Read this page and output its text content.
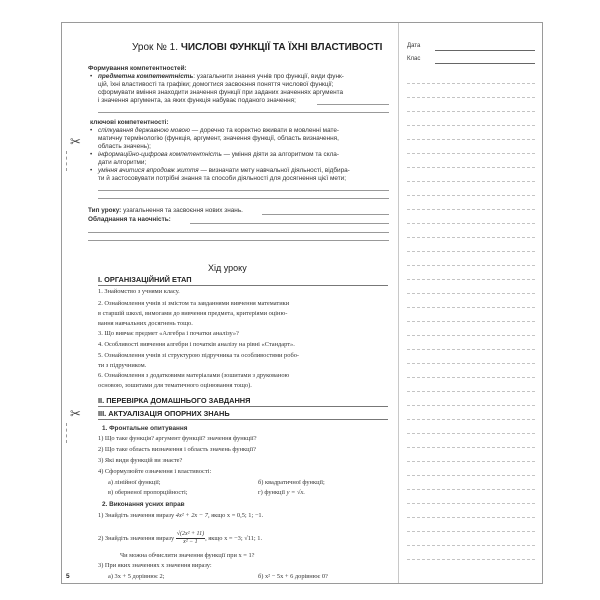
✂
✂
Урок № 1. ЧИСЛОВІ ФУНКЦІЇ ТА ЇХНІ ВЛАСТИВОСТІ
Формування компетентностей:
• предметна компетентність: узагальнити знання учнів про функції, види функ-
цій, їхні властивості та графіки; домогтися засвоєння поняття числової функції;
сформувати вміння знаходити значення функції при заданих значеннях аргумента
і значення аргумента, за яких функція набуває поданого значення;
ключові компетентності:
• спілкування державною мовою — доречно та коректно вживати в мовленні мате-
матичну термінологію (функція, аргумент, значення функції, область визначення,
область значень);
• інформаційно-цифрова компетентність — уміння діяти за алгоритмом та скла-
дати алгоритми;
• уміння вчитися впродовж життя — визначати мету навчальної діяльності, відбира-
ти й застосовувати потрібні знання та способи діяльності для досягнення цієї мети;
Тип уроку: узагальнення та засвоєння нових знань.
Обладнання та наочність:
Хід уроку
І. ОРГАНІЗАЦІЙНИЙ ЕТАП
1. Знайомство з учнями класу.
2. Ознайомлення учнів зі змістом та завданнями вивчення математики
в старшій школі, вимогами до вивчення предмета, критеріями оціню-
вання навчальних досягнень тощо.
3. Що вивчає предмет «Алгебра і початки аналізу»?
4. Особливості вивчення алгебри і початків аналізу на рівні «Стандарт».
5. Ознайомлення учнів зі структурою підручника та особливостями робо-
ти з підручником.
6. Ознайомлення з додатковими матеріалами (зошитами з друкованою
основою, зошитами для тематичного оцінювання тощо).
ІІ. ПЕРЕВІРКА ДОМАШНЬОГО ЗАВДАННЯ
ІІІ. АКТУАЛІЗАЦІЯ ОПОРНИХ ЗНАНЬ
1. Фронтальне опитування
1) Що таке функція? аргумент функції? значення функції?
2) Що таке область визначення і область значень функції?
3) Які види функцій ви знаєте?
4) Сформулюйте означення і властивості:
а) лінійної функції;	б) квадратичної функції;
в) оберненої пропорційності;	г) функції y = √x.
2. Виконання усних вправ
1) Знайдіть значення виразу 4x² + 2x − 7, якщо x = 0,5; 1; −1.
2) Знайдіть значення виразу $\frac{\text{√(2x² + 11)}}{\text{x² − 1}}$ , якщо x = −3; √11; 1.
Чи можна обчислити значення функції при x = 1?
3) При яких значеннях x значення виразу:
а) 3x + 5 дорівнює 2;	б) x² − 5x + 6 дорівнює 0?
5
Дата
Клас
